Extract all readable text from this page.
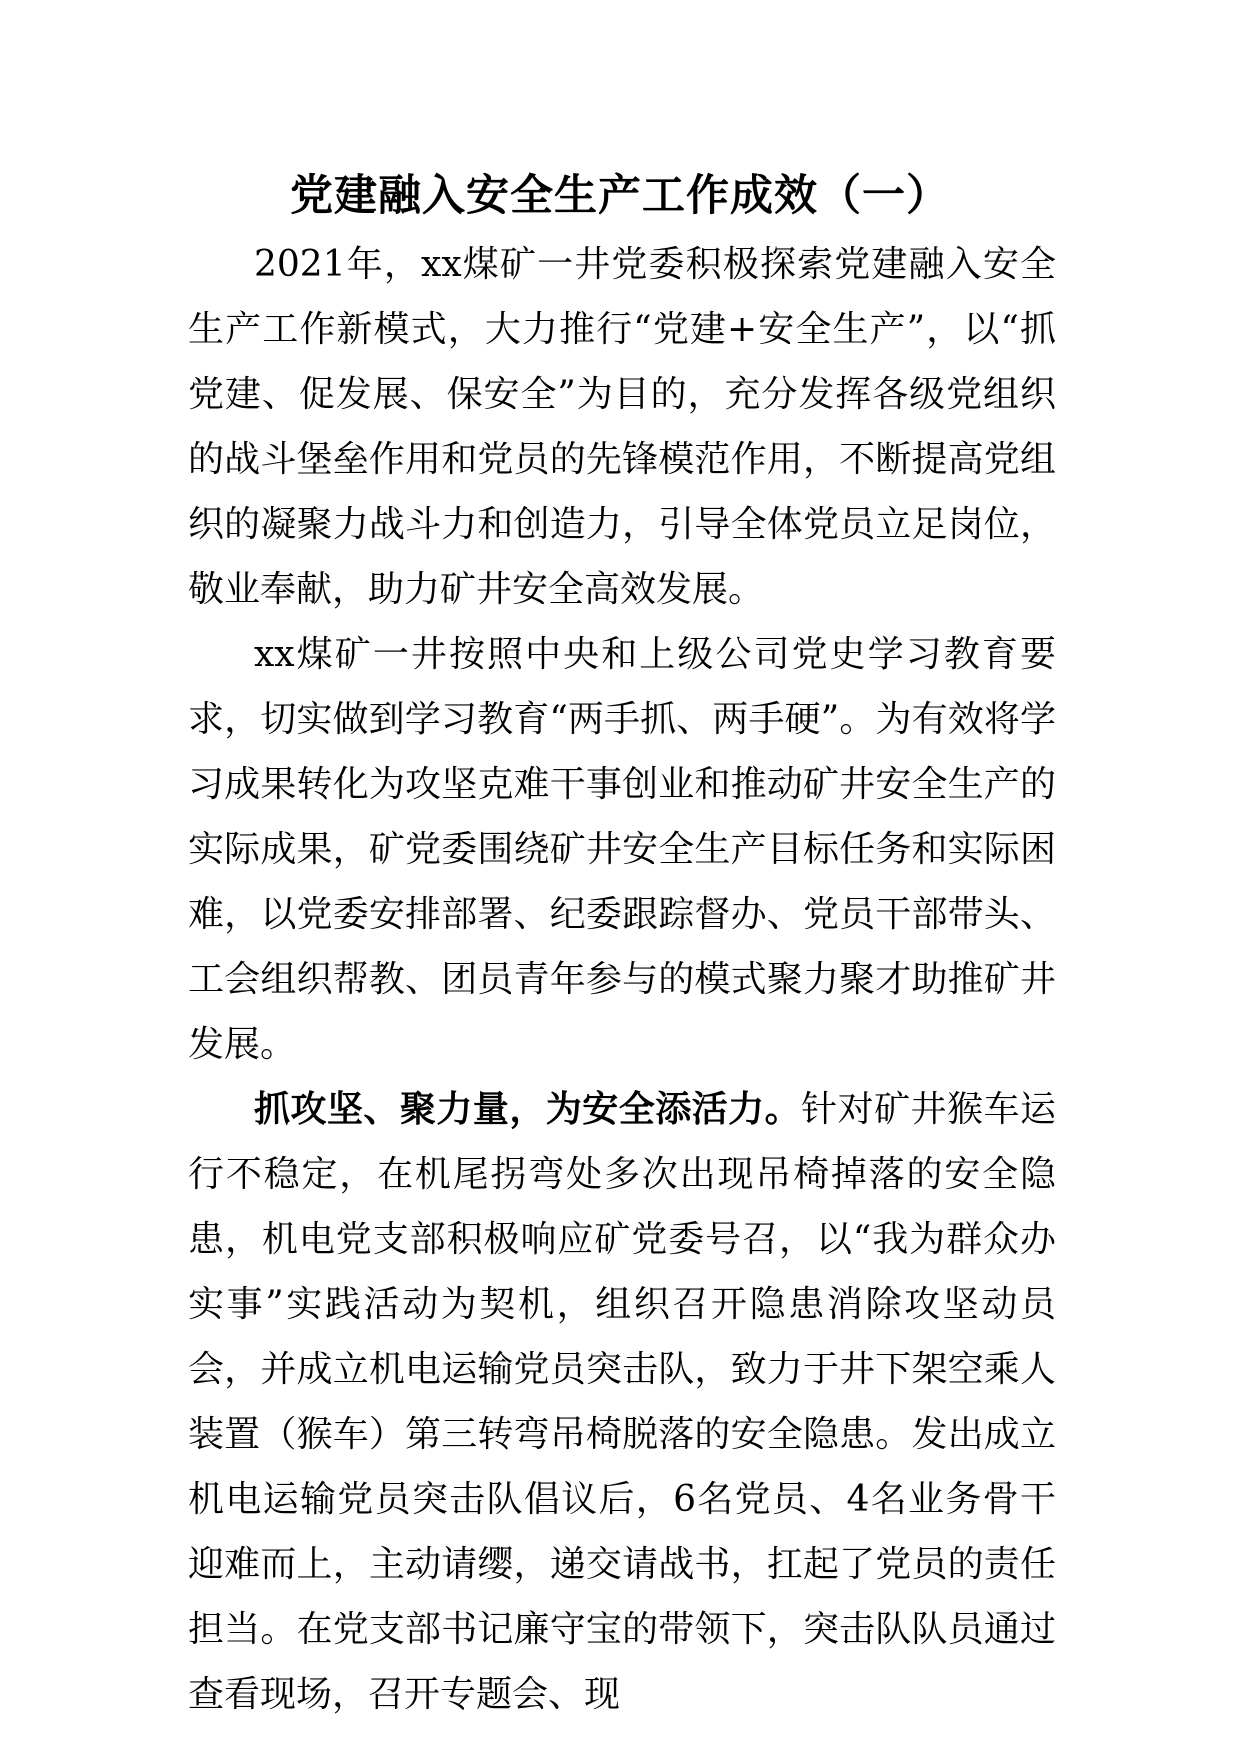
党建融入安全生产工作成效（一）

2021年，xx煤矿一井党委积极探索党建融入安全生产工作新模式，大力推行“党建+安全生产”，以“抓党建、促发展、保安全”为目的，充分发挥各级党组织的战斗堡垒作用和党员的先锋模范作用，不断提高党组织的凝聚力战斗力和创造力，引导全体党员立足岗位，敬业奉献，助力矿井安全高效发展。

xx煤矿一井按照中央和上级公司党史学习教育要求，切实做到学习教育“两手抓、两手硬”。为有效将学习成果转化为攻坚克难干事创业和推动矿井安全生产的实际成果，矿党委围绕矿井安全生产目标任务和实际困难，以党委安排部署、纪委跟踪督办、党员干部带头、工会组织帮教、团员青年参与的模式聚力聚才助推矿井发展。

抓攻坚、聚力量，为安全添活力。针对矿井猴车运行不稳定，在机尾拐弯处多次出现吊椅掉落的安全隐患，机电党支部积极响应矿党委号召，以“我为群众办实事”实践活动为契机，组织召开隐患消除攻坚动员会，并成立机电运输党员突击队，致力于井下架空乘人装置（猴车）第三转弯吊椅脱落的安全隐患。发出成立机电运输党员突击队倡议后，6名党员、4名业务骨干迎难而上，主动请缨，递交请战书，扛起了党员的责任担当。在党支部书记廉守宝的带领下，突击队队员通过查看现场，召开专题会、现
